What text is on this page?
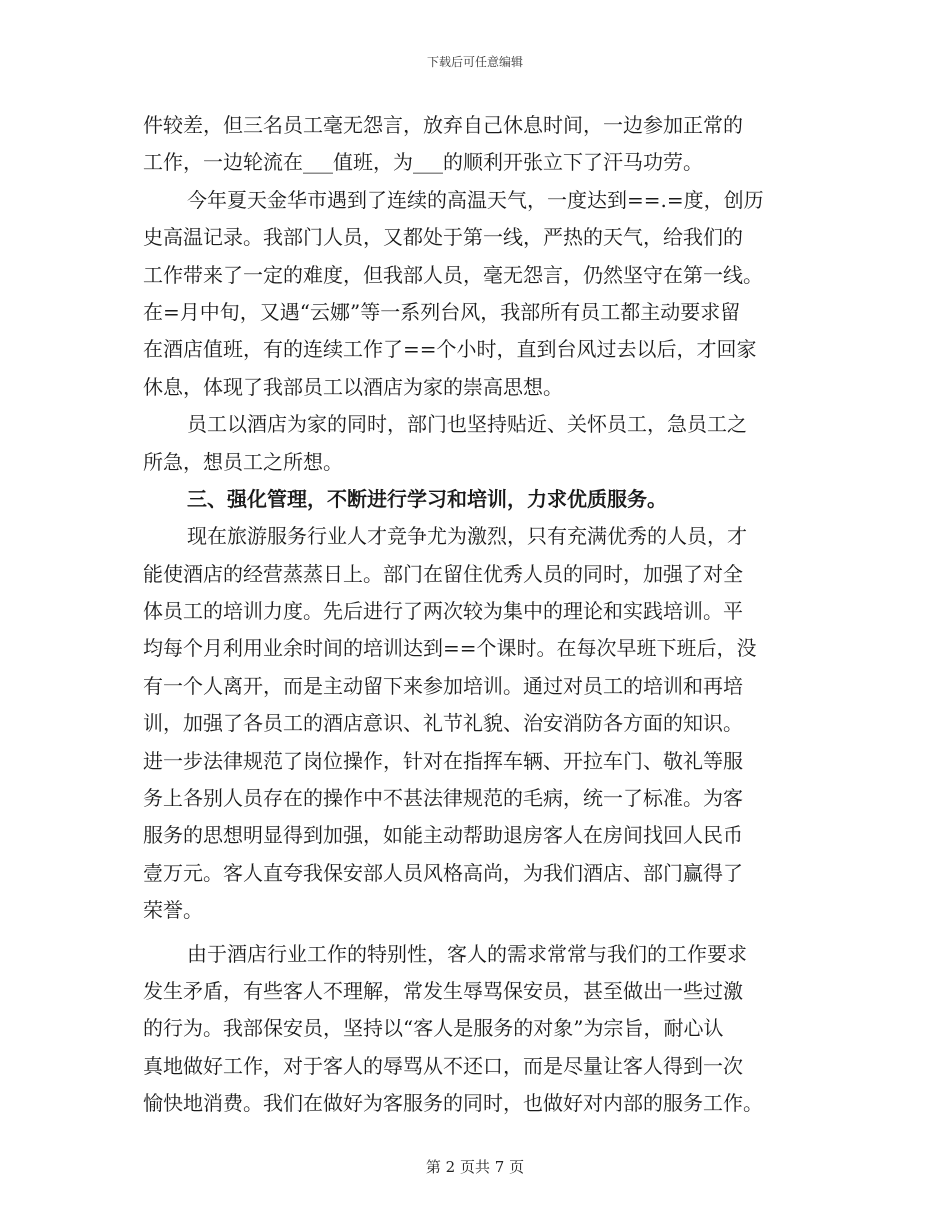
下载后可任意编辑
件较差，但三名员工毫无怨言，放弃自己休息时间，一边参加正常的
工作，一边轮流在___值班，为___的顺利开张立下了汗马功劳。
今年夏天金华市遇到了连续的高温天气，一度达到==.=度，创历
史高温记录。我部门人员，又都处于第一线，严热的天气，给我们的
工作带来了一定的难度，但我部人员，毫无怨言，仍然坚守在第一线。
在=月中旬，又遇“云娜”等一系列台风，我部所有员工都主动要求留
在酒店值班，有的连续工作了==个小时，直到台风过去以后，才回家
休息，体现了我部员工以酒店为家的崇高思想。
员工以酒店为家的同时，部门也坚持贴近、关怀员工，急员工之
所急，想员工之所想。
三、强化管理，不断进行学习和培训，力求优质服务。
现在旅游服务行业人才竞争尤为激烈，只有充满优秀的人员，才
能使酒店的经营蒸蒸日上。部门在留住优秀人员的同时，加强了对全
体员工的培训力度。先后进行了两次较为集中的理论和实践培训。平
均每个月利用业余时间的培训达到==个课时。在每次早班下班后，没
有一个人离开，而是主动留下来参加培训。通过对员工的培训和再培
训，加强了各员工的酒店意识、礼节礼貌、治安消防各方面的知识。
进一步法律规范了岗位操作，针对在指挥车辆、开拉车门、敬礼等服
务上各别人员存在的操作中不甚法律规范的毛病，统一了标准。为客
服务的思想明显得到加强，如能主动帮助退房客人在房间找回人民币
壹万元。客人直夸我保安部人员风格高尚，为我们酒店、部门赢得了
荣誉。
由于酒店行业工作的特别性，客人的需求常常与我们的工作要求
发生矛盾，有些客人不理解，常发生辱骂保安员，甚至做出一些过激
的行为。我部保安员，坚持以“客人是服务的对象”为宗旨，耐心认
真地做好工作，对于客人的辱骂从不还口，而是尽量让客人得到一次
愉快地消费。我们在做好为客服务的同时，也做好对内部的服务工作。
第 2 页共 7 页
